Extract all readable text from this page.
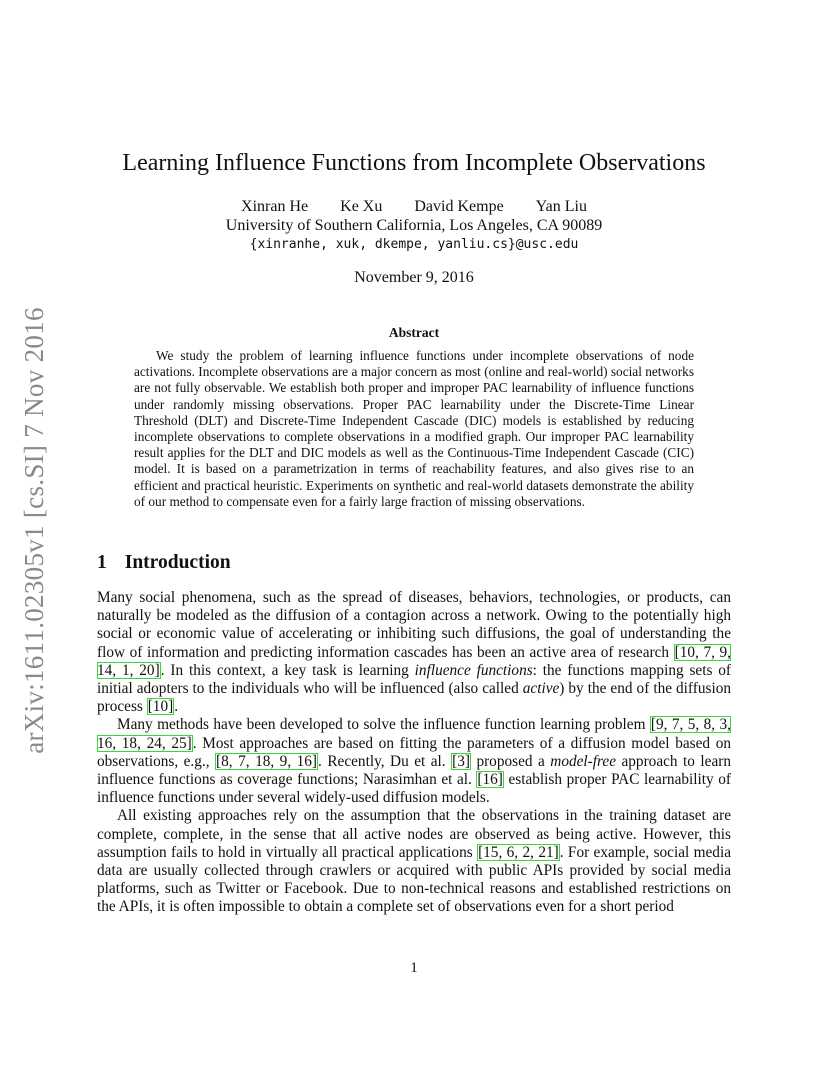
arXiv:1611.02305v1 [cs.SI] 7 Nov 2016
Learning Influence Functions from Incomplete Observations
Xinran He Ke Xu David Kempe Yan Liu
University of Southern California, Los Angeles, CA 90089
{xinranhe, xuk, dkempe, yanliu.cs}@usc.edu
November 9, 2016
Abstract

We study the problem of learning influence functions under incomplete observations of node activations. Incomplete observations are a major concern as most (online and real-world) social networks are not fully observable. We establish both proper and improper PAC learnability of influence functions under randomly missing observations. Proper PAC learnability under the Discrete-Time Linear Threshold (DLT) and Discrete-Time Independent Cascade (DIC) models is established by reducing incomplete observations to complete observations in a modified graph. Our improper PAC learnability result applies for the DLT and DIC models as well as the Continuous-Time Independent Cascade (CIC) model. It is based on a parametrization in terms of reachability features, and also gives rise to an efficient and practical heuristic. Experiments on synthetic and real-world datasets demonstrate the ability of our method to compensate even for a fairly large fraction of missing observations.

1 Introduction

Many social phenomena, such as the spread of diseases, behaviors, technologies, or products, can naturally be modeled as the diffusion of a contagion across a network. Owing to the potentially high social or economic value of accelerating or inhibiting such diffusions, the goal of understanding the flow of information and predicting information cascades has been an active area of research [10, 7, 9, 14, 1, 20]. In this context, a key task is learning influence functions: the functions mapping sets of initial adopters to the individuals who will be influenced (also called active) by the end of the diffusion process [10].

Many methods have been developed to solve the influence function learning problem [9, 7, 5, 8, 3, 16, 18, 24, 25]. Most approaches are based on fitting the parameters of a diffusion model based on observations, e.g., [8, 7, 18, 9, 16]. Recently, Du et al. [3] proposed a model-free approach to learn influence functions as coverage functions; Narasimhan et al. [16] establish proper PAC learnability of influence functions under several widely-used diffusion models.

All existing approaches rely on the assumption that the observations in the training dataset are complete, complete, in the sense that all active nodes are observed as being active. However, this assumption fails to hold in virtually all practical applications [15, 6, 2, 21]. For example, social media data are usually collected through crawlers or acquired with public APIs provided by social media platforms, such as Twitter or Facebook. Due to non-technical reasons and established restrictions on the APIs, it is often impossible to obtain a complete set of observations even for a short period

1
